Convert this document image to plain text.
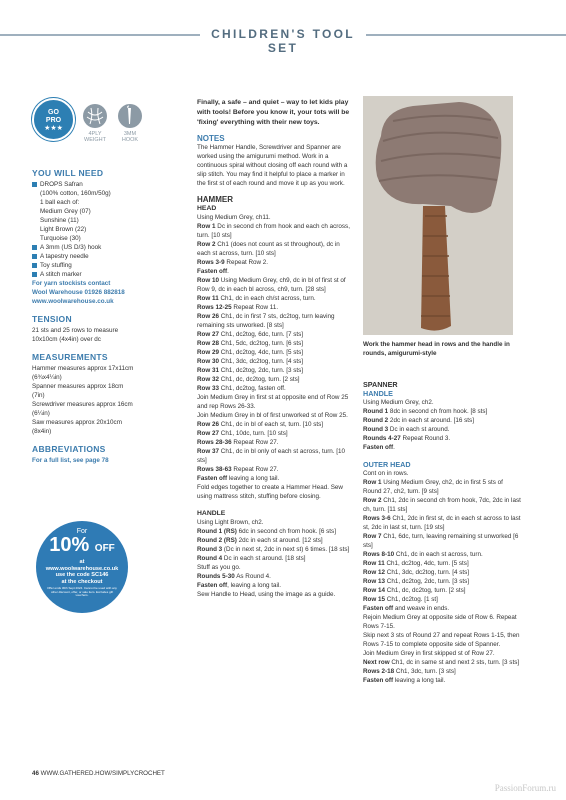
CHILDREN'S TOOL SET
GO
PRO
★★★
4PLY
WEIGHT
3MM
HOOK
YOU WILL NEED
DROPS Safran
(100% cotton, 160m/50g)
1 ball each of:
Medium Grey (07)
Sunshine (11)
Light Brown (22)
Turquoise (30)
A 3mm (US D/3) hook
A tapestry needle
Toy stuffing
A stitch marker
For yarn stockists contact
Wool Warehouse 01926 882818
www.woolwarehouse.co.uk
TENSION
21 sts and 25 rows to measure
10x10cm (4x4in) over dc
MEASUREMENTS
Hammer measures approx 17x11cm
(6¾x4¼in)
Spanner measures approx 18cm
(7in)
Screwdriver measures approx 16cm
(6¼in)
Saw measures approx 20x10cm
(8x4in)
ABBREVIATIONS
For a full list, see page 78
For
10% OFF
at
www.woolwarehouse.co.uk
use the code SC146
at the checkout
Offer ends 30th Sept 2024. Cannot be used with any other discount, offer, or sale item. Excludes gift vouchers.

Finally, a safe – and quiet – way to let kids play with tools! Before you know it, your tots will be 'fixing' everything with their new toys.

NOTES

The Hammer Handle, Screwdriver and Spanner are worked using the amigurumi method. Work in a continuous spiral without closing off each round with a slip stitch. You may find it helpful to place a marker in the first st of each round and move it up as you work.

HAMMER
HEAD

Using Medium Grey, ch11.

Row 1 Dc in second ch from hook and each ch across, turn. [10 sts]

Row 2 Ch1 (does not count as st throughout), dc in each st across, turn. [10 sts]

Rows 3-9 Repeat Row 2.

Fasten off.

Row 10 Using Medium Grey, ch9, dc in bl of first st of Row 9, dc in each bl across, ch9, turn. [28 sts]

Row 11 Ch1, dc in each ch/st across, turn.

Rows 12-25 Repeat Row 11.

Row 26 Ch1, dc in first 7 sts, dc2tog, turn leaving remaining sts unworked. [8 sts]

Row 27 Ch1, dc2tog, 6dc, turn. [7 sts]

Row 28 Ch1, 5dc, dc2tog, turn. [6 sts]

Row 29 Ch1, dc2tog, 4dc, turn. [5 sts]

Row 30 Ch1, 3dc, dc2tog, turn. [4 sts]

Row 31 Ch1, dc2tog, 2dc, turn. [3 sts]

Row 32 Ch1, dc, dc2tog, turn. [2 sts]

Row 33 Ch1, dc2tog, fasten off.

Join Medium Grey in first st at opposite end of Row 25 and rep Rows 26-33.

Join Medium Grey in bl of first unworked st of Row 25.

Row 26 Ch1, dc in bl of each st, turn. [10 sts]

Row 27 Ch1, 10dc, turn. [10 sts]

Rows 28-36 Repeat Row 27.

Row 37 Ch1, dc in bl only of each st across, turn. [10 sts]

Rows 38-63 Repeat Row 27.

Fasten off leaving a long tail.

Fold edges together to create a Hammer Head. Sew using mattress stitch, stuffing before closing.

HANDLE

Using Light Brown, ch2.

Round 1 (RS) 6dc in second ch from hook. [6 sts]

Round 2 (RS) 2dc in each st around. [12 sts]

Round 3 (Dc in next st, 2dc in next st) 6 times. [18 sts]

Round 4 Dc in each st around. [18 sts]

Stuff as you go.

Rounds 5-30 As Round 4.

Fasten off, leaving a long tail.

Sew Handle to Head, using the image as a guide.

Work the hammer head in rows and the handle in rounds, amigurumi-style
SPANNER
HANDLE

Using Medium Grey, ch2.

Round 1 8dc in second ch from hook. [8 sts]

Round 2 2dc in each st around. [16 sts]

Round 3 Dc in each st around.

Rounds 4-27 Repeat Round 3.

Fasten off.

OUTER HEAD

Cont on in rows.

Row 1 Using Medium Grey, ch2, dc in first 5 sts of Round 27, ch2, turn. [9 sts]

Row 2 Ch1, 2dc in second ch from hook, 7dc, 2dc in last ch, turn. [11 sts]

Rows 3-6 Ch1, 2dc in first st, dc in each st across to last st, 2dc in last st, turn. [19 sts]

Row 7 Ch1, 6dc, turn, leaving remaining st unworked [6 sts]

Rows 8-10 Ch1, dc in each st across, turn.

Row 11 Ch1, dc2tog, 4dc, turn. [5 sts]

Row 12 Ch1, 3dc, dc2tog, turn. [4 sts]

Row 13 Ch1, dc2tog, 2dc, turn. [3 sts]

Row 14 Ch1, dc, dc2tog, turn. [2 sts]

Row 15 Ch1, dc2tog. [1 st]

Fasten off and weave in ends.

Rejoin Medium Grey at opposite side of Row 6. Repeat Rows 7-15.

Skip next 3 sts of Round 27 and repeat Rows 1-15, then Rows 7-15 to complete opposite side of Spanner.

Join Medium Grey in first skipped st of Row 27.

Next row Ch1, dc in same st and next 2 sts, turn. [3 sts]

Rows 2-18 Ch1, 3dc, turn. [3 sts]

Fasten off leaving a long tail.

46 WWW.GATHERED.HOW/SIMPLYCROCHET
PassionForum.ru
